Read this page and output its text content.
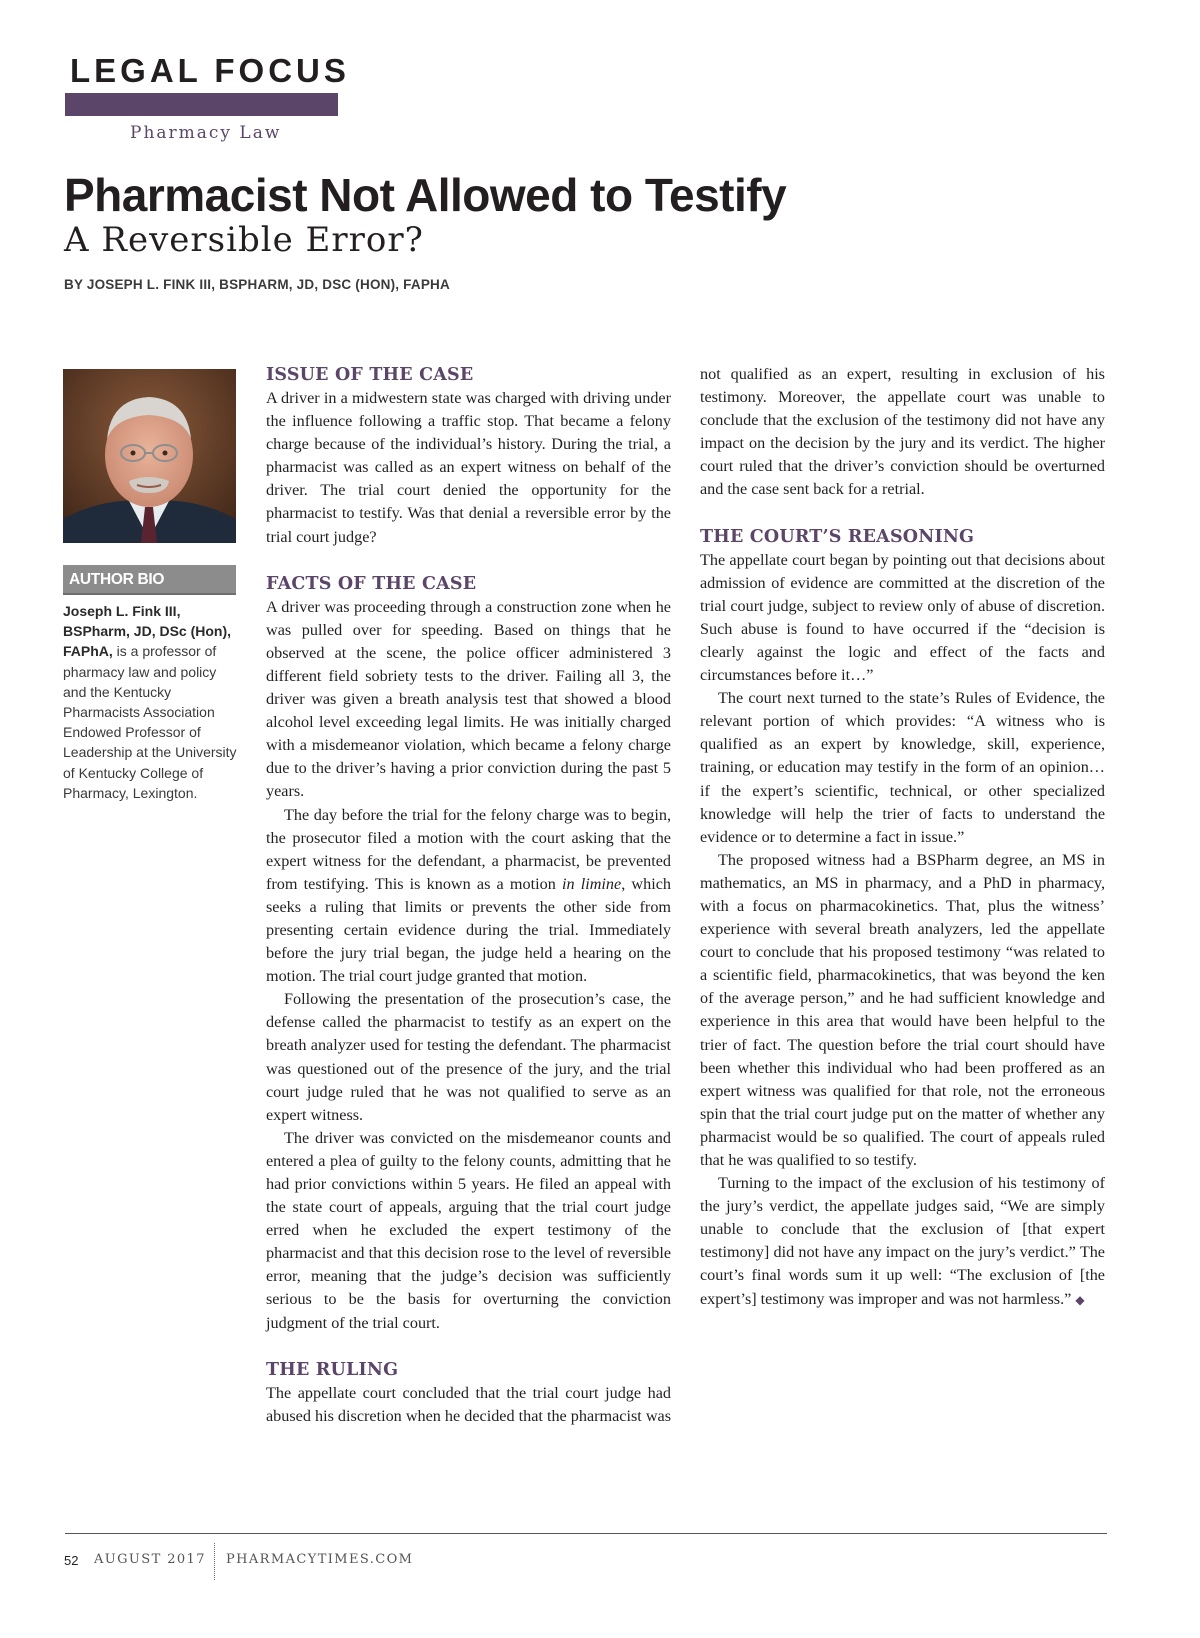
LEGAL FOCUS
Pharmacy Law
Pharmacist Not Allowed to Testify
A Reversible Error?
BY JOSEPH L. FINK III, BSPHARM, JD, DSC (HON), FAPHA
AUTHOR BIO

Joseph L. Fink III, BSPharm, JD, DSc (Hon), FAPhA, is a professor of pharmacy law and policy and the Kentucky Pharmacists Association Endowed Professor of Leadership at the University of Kentucky College of Pharmacy, Lexington.

ISSUE OF THE CASE

A driver in a midwestern state was charged with driving under the influence following a traffic stop. That became a felony charge because of the individual’s history. During the trial, a pharmacist was called as an expert witness on behalf of the driver. The trial court denied the opportunity for the pharmacist to testify. Was that denial a reversible error by the trial court judge?

FACTS OF THE CASE

A driver was proceeding through a construction zone when he was pulled over for speeding. Based on things that he observed at the scene, the police officer administered 3 different field sobriety tests to the driver. Failing all 3, the driver was given a breath analysis test that showed a blood alcohol level exceeding legal limits. He was initially charged with a misdemeanor violation, which became a felony charge due to the driver’s having a prior conviction during the past 5 years.

The day before the trial for the felony charge was to begin, the prosecutor filed a motion with the court asking that the expert witness for the defendant, a pharmacist, be prevented from testifying. This is known as a motion in limine, which seeks a ruling that limits or prevents the other side from presenting certain evidence during the trial. Immediately before the jury trial began, the judge held a hearing on the motion. The trial court judge granted that motion.

Following the presentation of the prosecution’s case, the defense called the pharmacist to testify as an expert on the breath analyzer used for testing the defendant. The pharmacist was questioned out of the presence of the jury, and the trial court judge ruled that he was not qualified to serve as an expert witness.

The driver was convicted on the misdemeanor counts and entered a plea of guilty to the felony counts, admitting that he had prior convictions within 5 years. He filed an appeal with the state court of appeals, arguing that the trial court judge erred when he excluded the expert testimony of the pharmacist and that this decision rose to the level of reversible error, meaning that the judge’s decision was sufficiently serious to be the basis for overturning the conviction judgment of the trial court.

THE RULING

The appellate court concluded that the trial court judge had abused his discretion when he decided that the pharmacist was

not qualified as an expert, resulting in exclusion of his testimony. Moreover, the appellate court was unable to conclude that the exclusion of the testimony did not have any impact on the decision by the jury and its verdict. The higher court ruled that the driver’s conviction should be overturned and the case sent back for a retrial.

THE COURT’S REASONING

The appellate court began by pointing out that decisions about admission of evidence are committed at the discretion of the trial court judge, subject to review only of abuse of discretion. Such abuse is found to have occurred if the “decision is clearly against the logic and effect of the facts and circumstances before it…”

The court next turned to the state’s Rules of Evidence, the relevant portion of which provides: “A witness who is qualified as an expert by knowledge, skill, experience, training, or education may testify in the form of an opinion…if the expert’s scientific, technical, or other specialized knowledge will help the trier of facts to understand the evidence or to determine a fact in issue.”

The proposed witness had a BSPharm degree, an MS in mathematics, an MS in pharmacy, and a PhD in pharmacy, with a focus on pharmacokinetics. That, plus the witness’ experience with several breath analyzers, led the appellate court to conclude that his proposed testimony “was related to a scientific field, pharmacokinetics, that was beyond the ken of the average person,” and he had sufficient knowledge and experience in this area that would have been helpful to the trier of fact. The question before the trial court should have been whether this individual who had been proffered as an expert witness was qualified for that role, not the erroneous spin that the trial court judge put on the matter of whether any pharmacist would be so qualified. The court of appeals ruled that he was qualified to so testify.

Turning to the impact of the exclusion of his testimony of the jury’s verdict, the appellate judges said, “We are simply unable to conclude that the exclusion of [that expert testimony] did not have any impact on the jury’s verdict.” The court’s final words sum it up well: “The exclusion of [the expert’s] testimony was improper and was not harmless.” ◆

52 AUGUST 2017 PHARMACYTIMES.COM
